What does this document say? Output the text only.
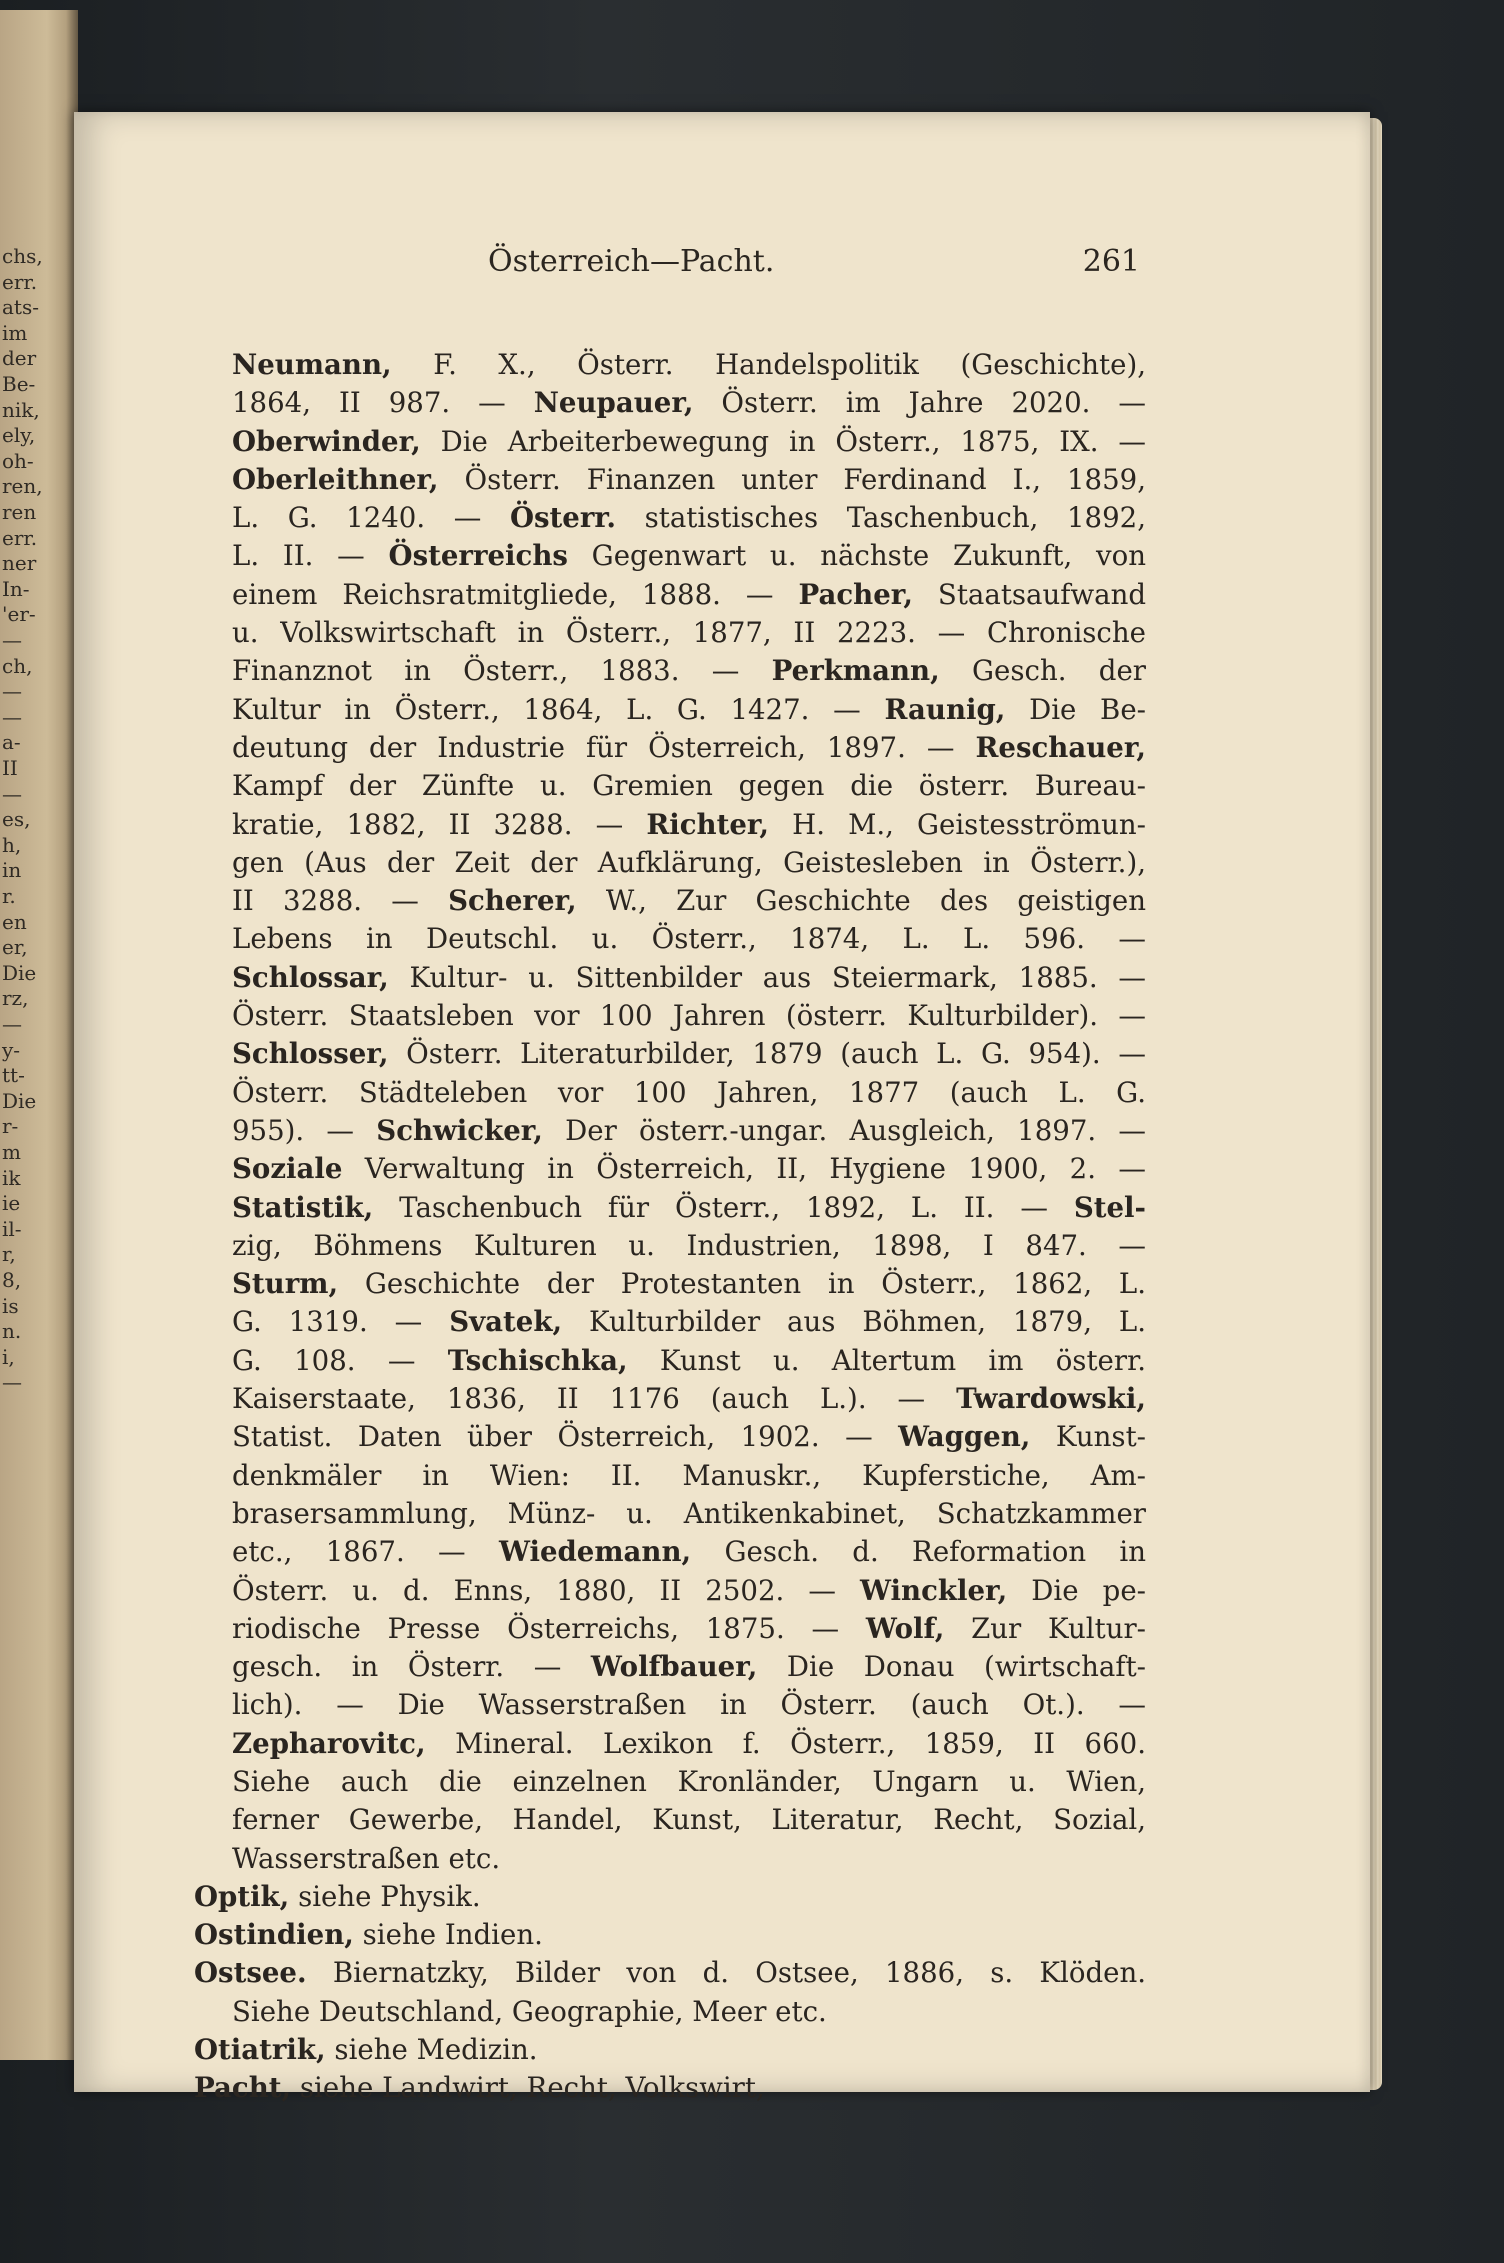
chs,
err.
ats-
im
der
Be-
nik,
ely,
oh-
ren,
ren
err.
ner
In-
'er-
—
ch,
—
—
a-
II
—
es,
h,
in
r.
en
er,
Die
rz,
—
y-
tt-
Die
r-
m
ik
ie
il-
r,
8,
is
n.
i,
—
Österreich—Pacht.	261
Neumann, F. X., Österr. Handelspolitik (Geschichte),
1864, II 987. — Neupauer, Österr. im Jahre 2020. —
Oberwinder, Die Arbeiterbewegung in Österr., 1875, IX. —
Oberleithner, Österr. Finanzen unter Ferdinand I., 1859,
L. G. 1240. — Österr. statistisches Taschenbuch, 1892,
L. II. — Österreichs Gegenwart u. nächste Zukunft, von
einem Reichsratmitgliede, 1888. — Pacher, Staatsaufwand
u. Volkswirtschaft in Österr., 1877, II 2223. — Chronische
Finanznot in Österr., 1883. — Perkmann, Gesch. der
Kultur in Österr., 1864, L. G. 1427. — Raunig, Die Be-
deutung der Industrie für Österreich, 1897. — Reschauer,
Kampf der Zünfte u. Gremien gegen die österr. Bureau-
kratie, 1882, II 3288. — Richter, H. M., Geistesströmun-
gen (Aus der Zeit der Aufklärung, Geistesleben in Österr.),
II 3288. — Scherer, W., Zur Geschichte des geistigen
Lebens in Deutschl. u. Österr., 1874, L. L. 596. —
Schlossar, Kultur- u. Sittenbilder aus Steiermark, 1885. —
Österr. Staatsleben vor 100 Jahren (österr. Kulturbilder). —
Schlosser, Österr. Literaturbilder, 1879 (auch L. G. 954). —
Österr. Städteleben vor 100 Jahren, 1877 (auch L. G.
955). — Schwicker, Der österr.-ungar. Ausgleich, 1897. —
Soziale Verwaltung in Österreich, II, Hygiene 1900, 2. —
Statistik, Taschenbuch für Österr., 1892, L. II. — Stel-
zig, Böhmens Kulturen u. Industrien, 1898, I 847. —
Sturm, Geschichte der Protestanten in Österr., 1862, L.
G. 1319. — Svatek, Kulturbilder aus Böhmen, 1879, L.
G. 108. — Tschischka, Kunst u. Altertum im österr.
Kaiserstaate, 1836, II 1176 (auch L.). — Twardowski,
Statist. Daten über Österreich, 1902. — Waggen, Kunst-
denkmäler in Wien: II. Manuskr., Kupferstiche, Am-
brasersammlung, Münz- u. Antikenkabinet, Schatzkammer
etc., 1867. — Wiedemann, Gesch. d. Reformation in
Österr. u. d. Enns, 1880, II 2502. — Winckler, Die pe-
riodische Presse Österreichs, 1875. — Wolf, Zur Kultur-
gesch. in Österr. — Wolfbauer, Die Donau (wirtschaft-
lich). — Die Wasserstraßen in Österr. (auch Ot.). —
Zepharovitc, Mineral. Lexikon f. Österr., 1859, II 660.
Siehe auch die einzelnen Kronländer, Ungarn u. Wien,
ferner Gewerbe, Handel, Kunst, Literatur, Recht, Sozial,
Wasserstraßen etc.
Optik, siehe Physik.
Ostindien, siehe Indien.
Ostsee. Biernatzky, Bilder von d. Ostsee, 1886, s. Klöden.
Siehe Deutschland, Geographie, Meer etc.
Otiatrik, siehe Medizin.
Pacht, siehe Landwirt, Recht, Volkswirt,
